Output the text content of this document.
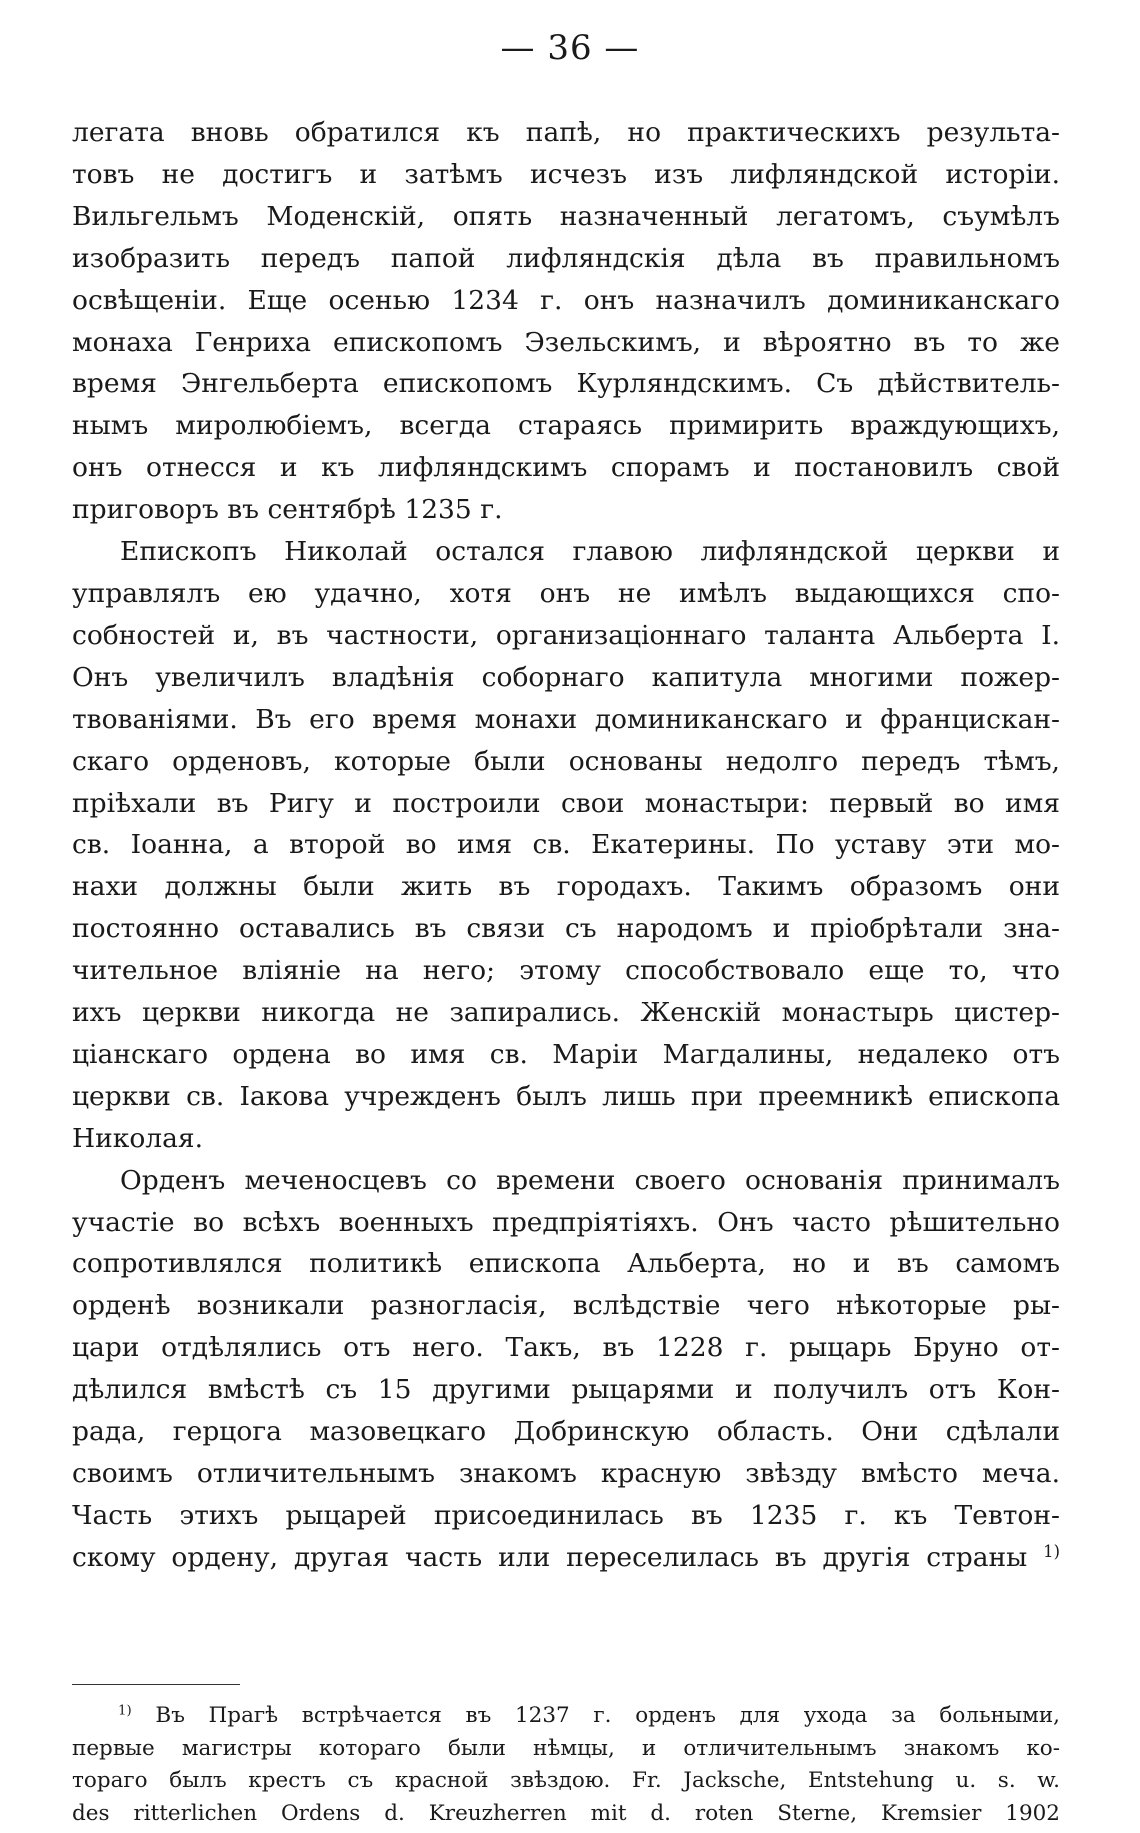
— 36 —
легата вновь обратился къ папѣ, но практическихъ результа-
товъ не достигъ и затѣмъ исчезъ изъ лифляндской исторіи.
Вильгельмъ Моденскій, опять назначенный легатомъ, съумѣлъ
изобразить передъ папой лифляндскія дѣла въ правильномъ
освѣщеніи. Еще осенью 1234 г. онъ назначилъ доминиканскаго
монаха Генриха епископомъ Эзельскимъ, и вѣроятно въ то же
время Энгельберта епископомъ Курляндскимъ. Съ дѣйствитель-
нымъ миролюбіемъ, всегда стараясь примирить враждующихъ,
онъ отнесся и къ лифляндскимъ спорамъ и постановилъ свой
приговоръ въ сентябрѣ 1235 г.
Епископъ Николай остался главою лифляндской церкви и
управлялъ ею удачно, хотя онъ не имѣлъ выдающихся спо-
собностей и, въ частности, организаціоннаго таланта Альберта I.
Онъ увеличилъ владѣнія соборнаго капитула многими пожер-
твованіями. Въ его время монахи доминиканскаго и францискан-
скаго орденовъ, которые были основаны недолго передъ тѣмъ,
пріѣхали въ Ригу и построили свои монастыри: первый во имя
св. Іоанна, а второй во имя св. Екатерины. По уставу эти мо-
нахи должны были жить въ городахъ. Такимъ образомъ они
постоянно оставались въ связи съ народомъ и пріобрѣтали зна-
чительное вліяніе на него; этому способствовало еще то, что
ихъ церкви никогда не запирались. Женскій монастырь цистер-
ціанскаго ордена во имя св. Маріи Магдалины, недалеко отъ
церкви св. Іакова учрежденъ былъ лишь при преемникѣ епископа
Николая.
Орденъ меченосцевъ со времени своего основанія принималъ
участіе во всѣхъ военныхъ предпріятіяхъ. Онъ часто рѣшительно
сопротивлялся политикѣ епископа Альберта, но и въ самомъ
орденѣ возникали разногласія, вслѣдствіе чего нѣкоторые ры-
цари отдѣлялись отъ него. Такъ, въ 1228 г. рыцарь Бруно от-
дѣлился вмѣстѣ съ 15 другими рыцарями и получилъ отъ Кон-
рада, герцога мазовецкаго Добринскую область. Они сдѣлали
своимъ отличительнымъ знакомъ красную звѣзду вмѣсто меча.
Часть этихъ рыцарей присоединилась въ 1235 г. къ Тевтон-
скому ордену, другая часть или переселилась въ другія страны $^{1)}$
$^{1)}$ Въ Прагѣ встрѣчается въ 1237 г. орденъ для ухода за больными,
первые магистры котораго были нѣмцы, и отличительнымъ знакомъ ко-
тораго былъ крестъ съ красной звѣздою. Fr. Jacksche, Entstehung u. s. w.
des ritterlichen Ordens d. Kreuzherren mit d. roten Sterne, Kremsier 1902
